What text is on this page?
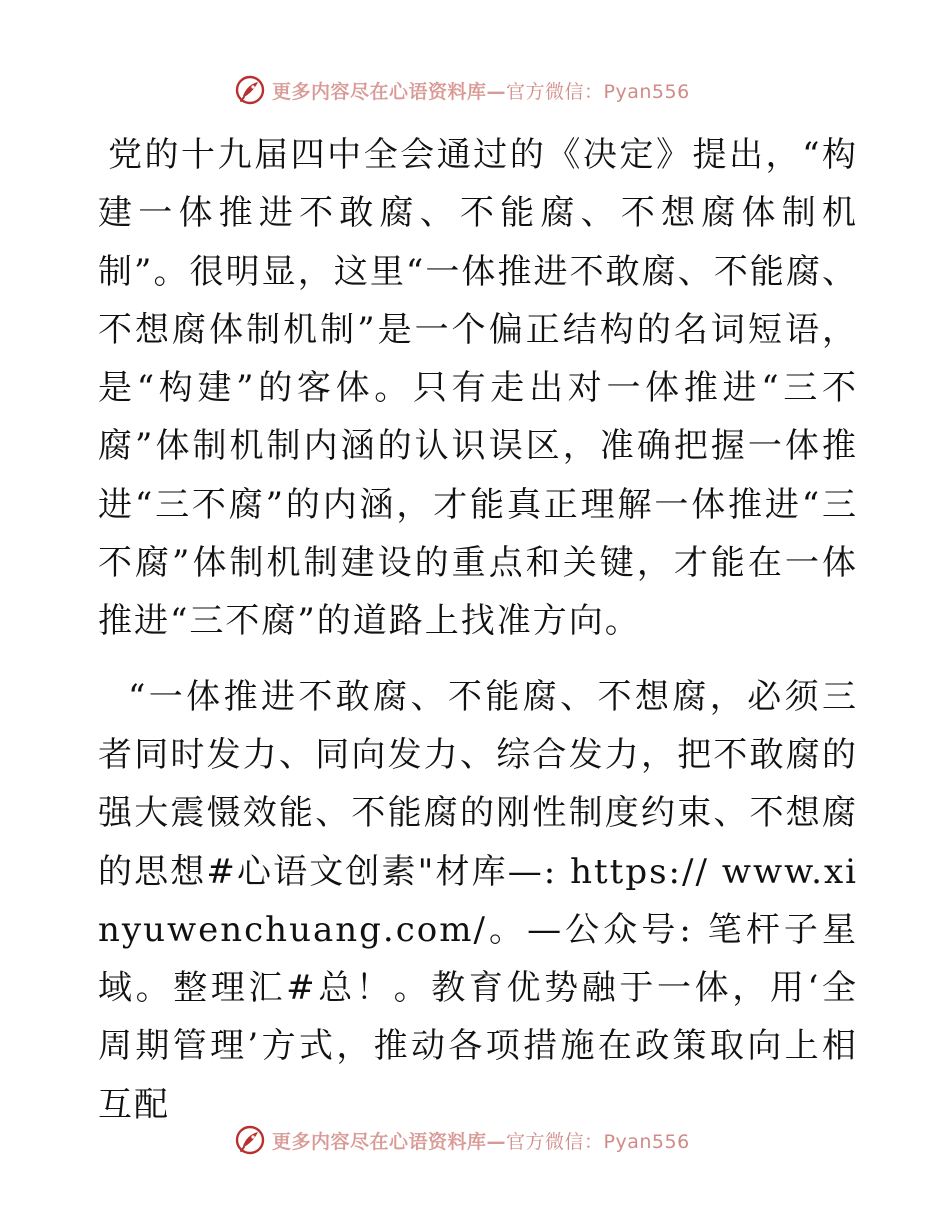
更多内容尽在心语资料库—官方微信：Pyan556

党的十九届四中全会通过的《决定》提出，“构建一体推进不敢腐、不能腐、不想腐体制机制”。很明显，这里“一体推进不敢腐、不能腐、不想腐体制机制”是一个偏正结构的名词短语，是“构建”的客体。只有走出对一体推进“三不腐”体制机制内涵的认识误区，准确把握一体推进“三不腐”的内涵，才能真正理解一体推进“三不腐”体制机制建设的重点和关键，才能在一体推进“三不腐”的道路上找准方向。

“一体推进不敢腐、不能腐、不想腐，必须三者同时发力、同向发力、综合发力，把不敢腐的强大震慑效能、不能腐的刚性制度约束、不想腐的思想#心语文创素"材库—: https:// www.xinyuwenchuang.com/。—公众号: 笔杆子星域。整理汇#总！。教育优势融于一体，用‘全周期管理’方式，推动各项措施在政策取向上相互配

更多内容尽在心语资料库—官方微信：Pyan556
